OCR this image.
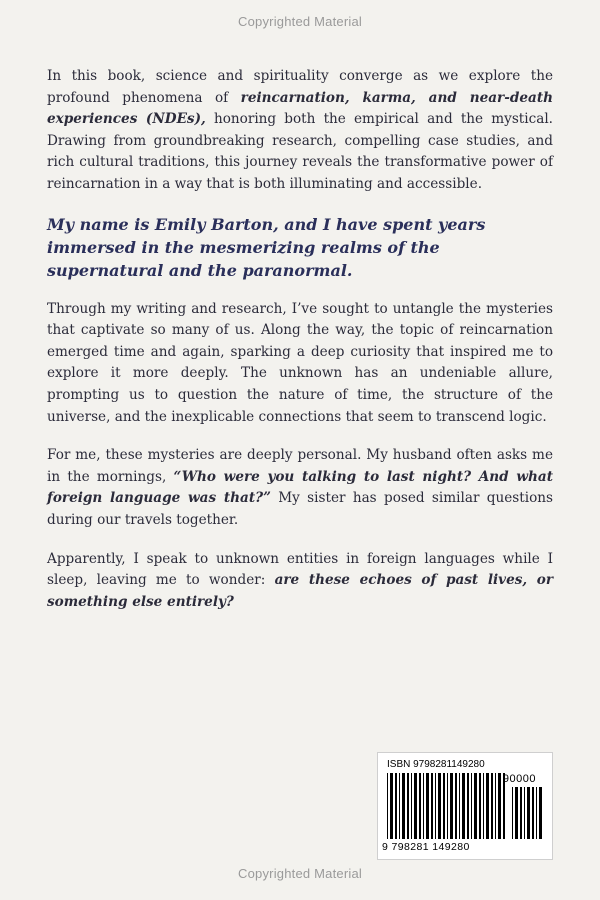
Copyrighted Material

In this book, science and spirituality converge as we explore the profound phenomena of reincarnation, karma, and near-death experiences (NDEs), honoring both the empirical and the mystical. Drawing from groundbreaking research, compelling case studies, and rich cultural traditions, this journey reveals the transformative power of reincarnation in a way that is both illuminating and accessible.

My name is Emily Barton, and I have spent years immersed in the mesmerizing realms of the supernatural and the paranormal.

Through my writing and research, I’ve sought to untangle the mysteries that captivate so many of us. Along the way, the topic of reincarnation emerged time and again, sparking a deep curiosity that inspired me to explore it more deeply. The unknown has an undeniable allure, prompting us to question the nature of time, the structure of the universe, and the inexplicable connections that seem to transcend logic.

For me, these mysteries are deeply personal. My husband often asks me in the mornings, “Who were you talking to last night? And what foreign language was that?” My sister has posed similar questions during our travels together.

Apparently, I speak to unknown entities in foreign languages while I sleep, leaving me to wonder: are these echoes of past lives, or something else entirely?

ISBN 9798281149280
90000
9 798281 149280
Copyrighted Material
